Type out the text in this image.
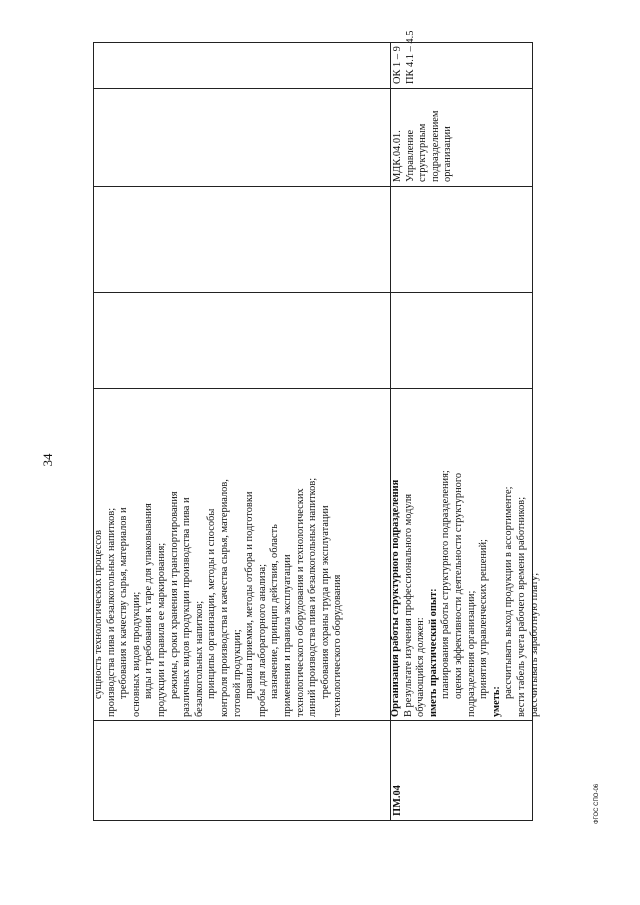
34
ФГОС СПО-06
ПМ.04
сущность технологических процессов производства пива и безалкогольных напитков; требования к качеству сырья, материалов и основных видов продукции; виды и требования к таре для упаковывания продукции и правила ее маркирования; режимы, сроки хранения и транспортирования различных видов продукции производства пива и безалкогольных напитков; принципы организации, методы и способы контроля производства и качества сырья, материалов, готовой продукции; правила приемки, методы отбора и подготовки пробы для лабораторного анализа; назначение, принцип действия, область применения и правила эксплуатации технологического оборудования и технологических линий производства пива и безалкогольных напитков; требования охраны труда при эксплуатации технологического оборудования	Организация работы структурного подразделения В результате изучения профессионального модуля обучающийся должен: иметь практический опыт: планирования работы структурного подразделения; оценки эффективности деятельности структурного подразделения организации; принятия управленческих решений;
уметь:
рассчитывать выход продукции в ассортименте; вести табель учета рабочего времени работников; рассчитывать заработную плату;
МДК.04.01. Управление структурным подразделением организации
ОК 1 – 9 ПК 4.1 – 4.5
